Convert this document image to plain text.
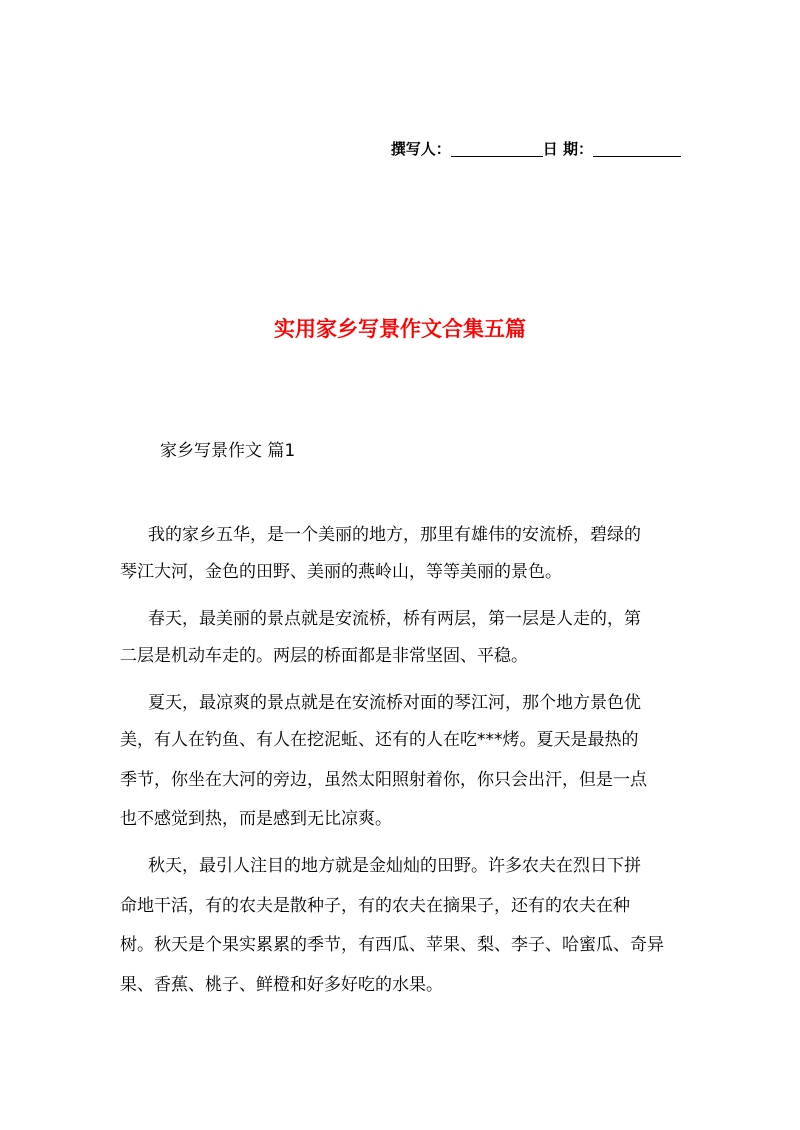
撰写人：	日 期：
实用家乡写景作文合集五篇
家乡写景作文 篇1
我的家乡五华，是一个美丽的地方，那里有雄伟的安流桥，碧绿的
琴江大河，金色的田野、美丽的燕岭山，等等美丽的景色。
春天，最美丽的景点就是安流桥，桥有两层，第一层是人走的，第
二层是机动车走的。两层的桥面都是非常坚固、平稳。
夏天，最凉爽的景点就是在安流桥对面的琴江河，那个地方景色优
美，有人在钓鱼、有人在挖泥蚯、还有的人在吃***烤。夏天是最热的
季节，你坐在大河的旁边，虽然太阳照射着你，你只会出汗，但是一点
也不感觉到热，而是感到无比凉爽。
秋天，最引人注目的地方就是金灿灿的田野。许多农夫在烈日下拼
命地干活，有的农夫是散种子，有的农夫在摘果子，还有的农夫在种
树。秋天是个果实累累的季节，有西瓜、苹果、梨、李子、哈蜜瓜、奇异
果、香蕉、桃子、鲜橙和好多好吃的水果。
